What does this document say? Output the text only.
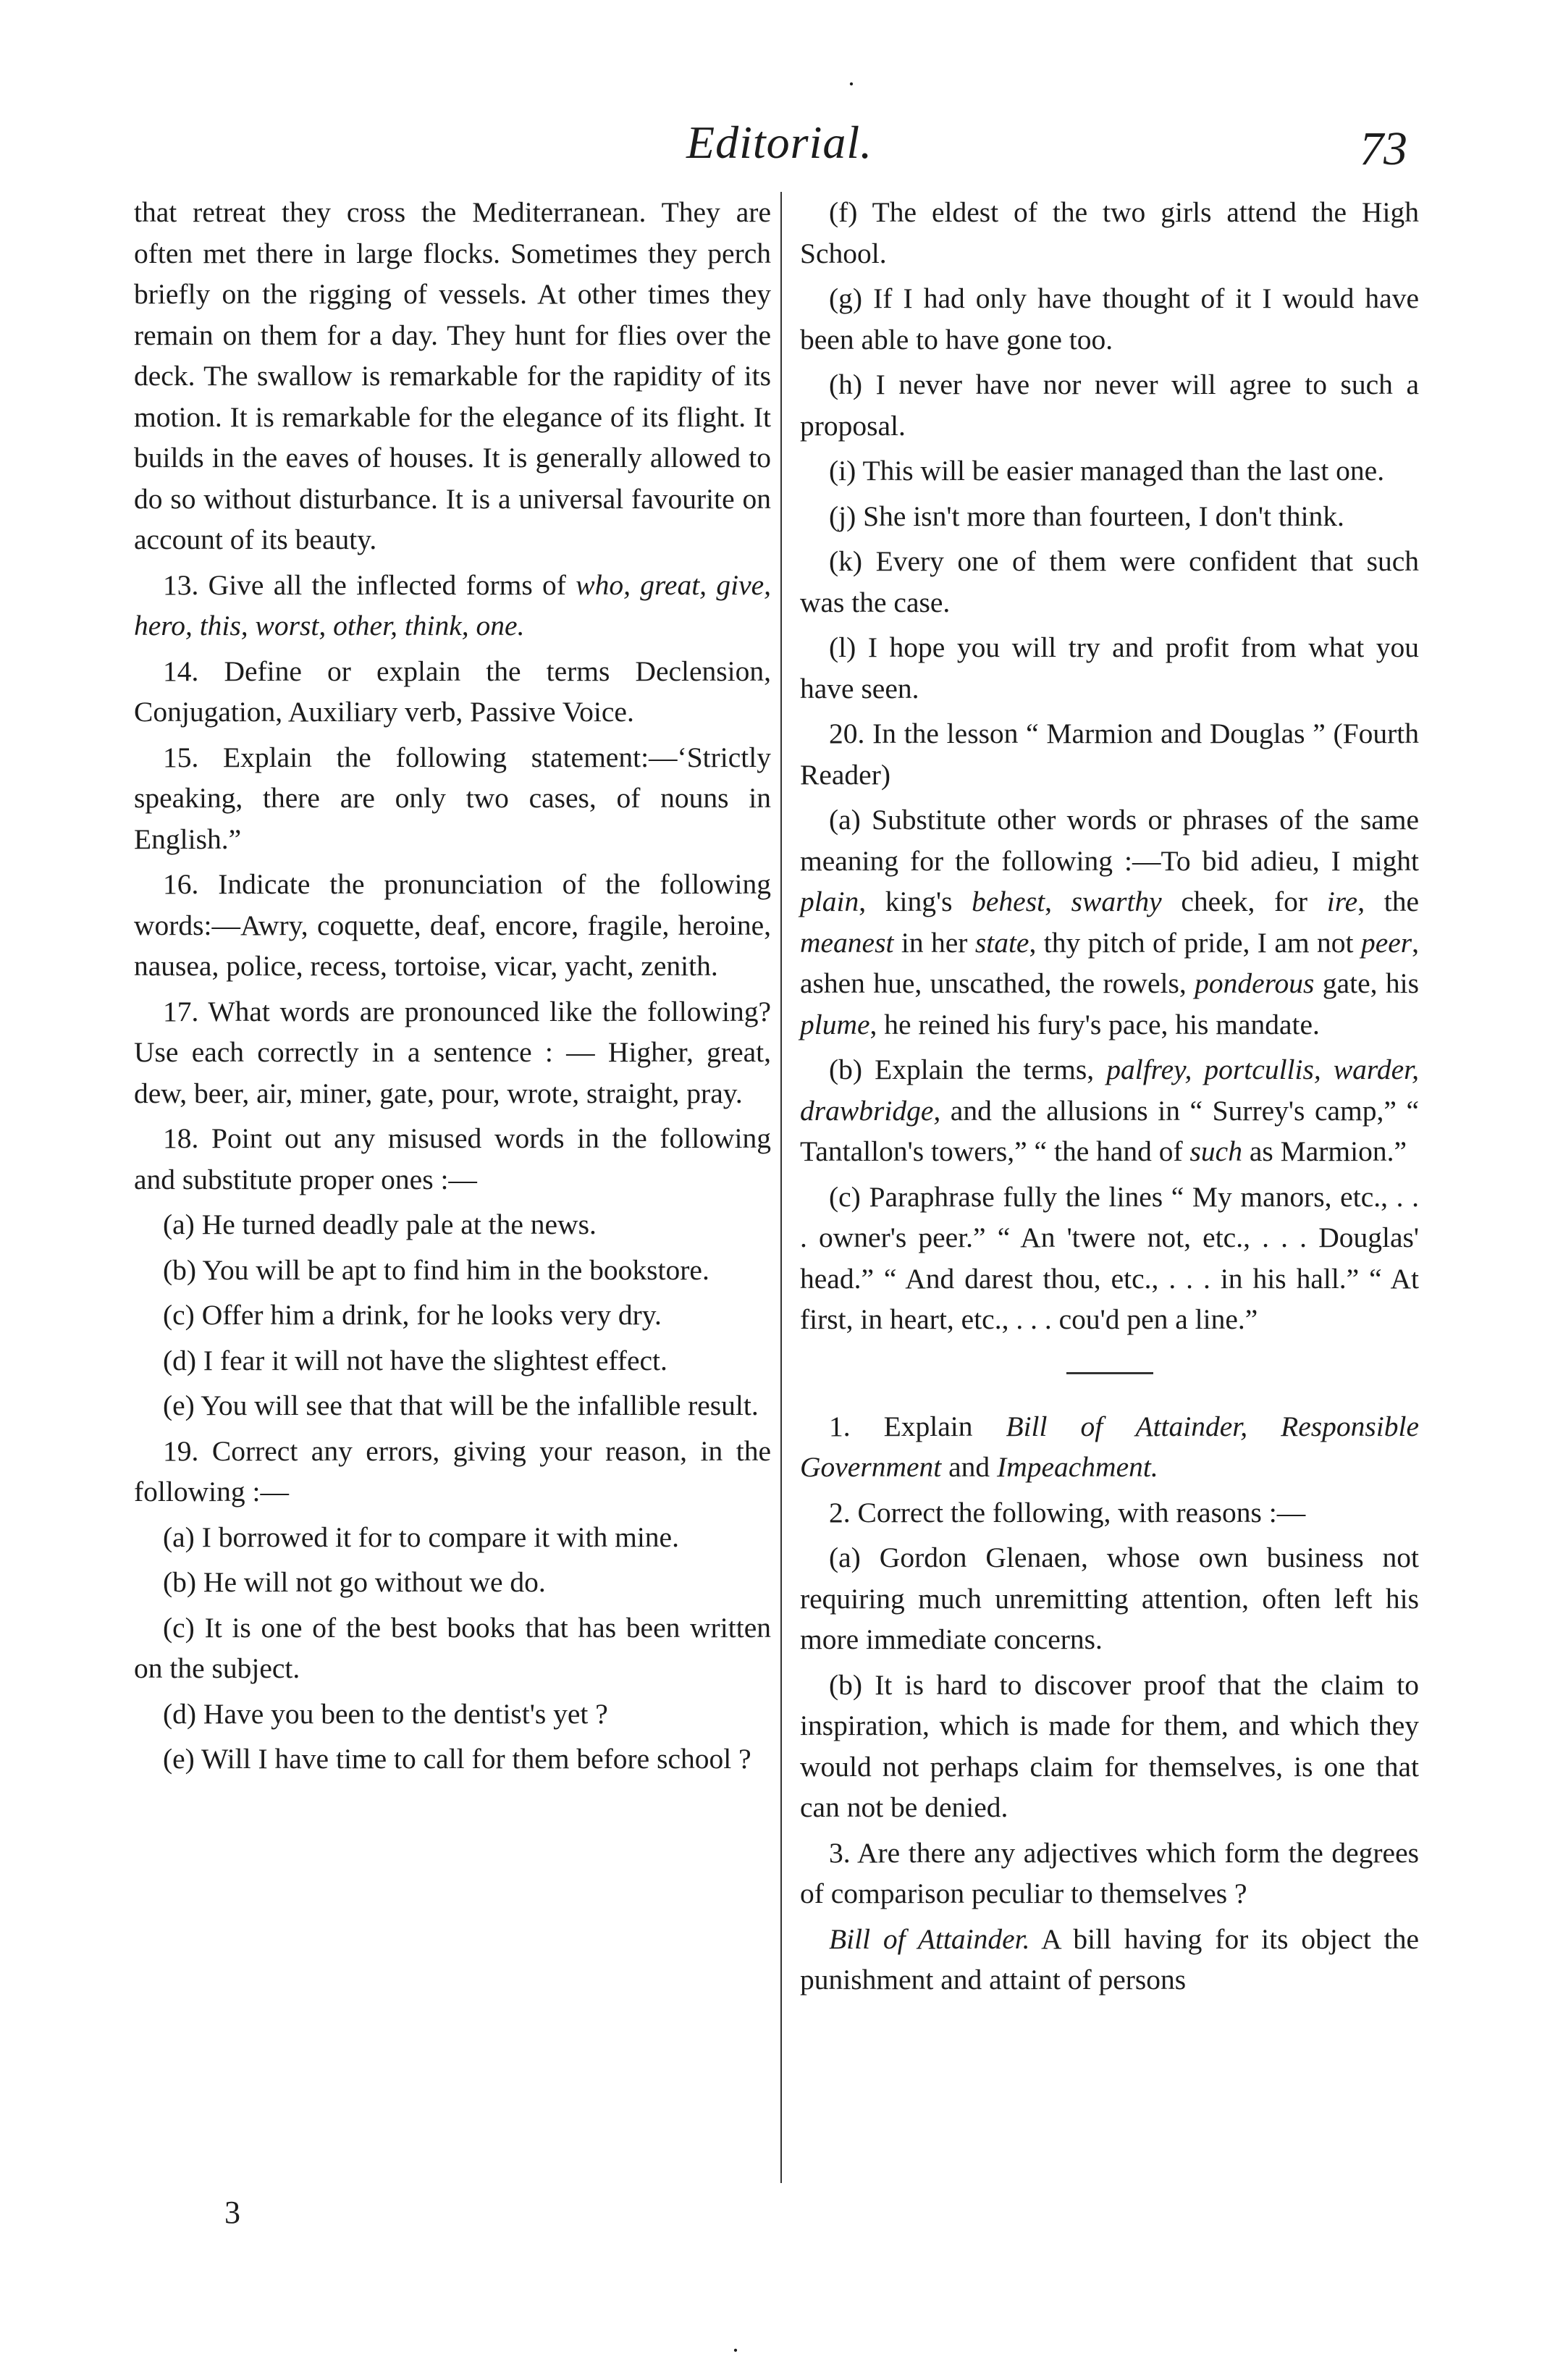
·
Editorial.	73

that retreat they cross the Mediterranean. They are often met there in large flocks. Sometimes they perch briefly on the rigging of vessels. At other times they remain on them for a day. They hunt for flies over the deck. The swallow is remarkable for the rapidity of its motion. It is remarkable for the elegance of its flight. It builds in the eaves of houses. It is generally allowed to do so without disturbance. It is a universal favourite on account of its beauty.

13. Give all the inflected forms of who, great, give, hero, this, worst, other, think, one.

14. Define or explain the terms Declension, Conjugation, Auxiliary verb, Passive Voice.

15. Explain the following statement:—‘Strictly speaking, there are only two cases, of nouns in English.”

16. Indicate the pronunciation of the following words:—Awry, coquette, deaf, encore, fragile, heroine, nausea, police, recess, tortoise, vicar, yacht, zenith.

17. What words are pronounced like the following? Use each correctly in a sentence : — Higher, great, dew, beer, air, miner, gate, pour, wrote, straight, pray.

18. Point out any misused words in the following and substitute proper ones :—

(a) He turned deadly pale at the news.

(b) You will be apt to find him in the bookstore.

(c) Offer him a drink, for he looks very dry.

(d) I fear it will not have the slightest effect.

(e) You will see that that will be the infallible result.

19. Correct any errors, giving your reason, in the following :—

(a) I borrowed it for to compare it with mine.

(b) He will not go without we do.

(c) It is one of the best books that has been written on the subject.

(d) Have you been to the dentist's yet ?

(e) Will I have time to call for them before school ?

3

(f) The eldest of the two girls attend the High School.

(g) If I had only have thought of it I would have been able to have gone too.

(h) I never have nor never will agree to such a proposal.

(i) This will be easier managed than the last one.

(j) She isn't more than fourteen, I don't think.

(k) Every one of them were confident that such was the case.

(l) I hope you will try and profit from what you have seen.

20. In the lesson “ Marmion and Douglas ” (Fourth Reader)

(a) Substitute other words or phrases of the same meaning for the following :—To bid adieu, I might plain, king's behest, swarthy cheek, for ire, the meanest in her state, thy pitch of pride, I am not peer, ashen hue, unscathed, the rowels, ponderous gate, his plume, he reined his fury's pace, his mandate.

(b) Explain the terms, palfrey, portcullis, warder, drawbridge, and the allusions in “ Surrey's camp,” “ Tantallon's towers,” “ the hand of such as Marmion.”

(c) Paraphrase fully the lines “ My manors, etc., . . . owner's peer.” “ An 'twere not, etc., . . . Douglas' head.” “ And darest thou, etc., . . . in his hall.” “ At first, in heart, etc., . . . cou'd pen a line.”

1. Explain Bill of Attainder, Responsible Government and Impeachment.

2. Correct the following, with reasons :—

(a) Gordon Glenaen, whose own business not requiring much unremitting attention, often left his more immediate concerns.

(b) It is hard to discover proof that the claim to inspiration, which is made for them, and which they would not perhaps claim for themselves, is one that can not be denied.

3. Are there any adjectives which form the degrees of comparison peculiar to themselves ?

Bill of Attainder. A bill having for its object the punishment and attaint of persons

·
